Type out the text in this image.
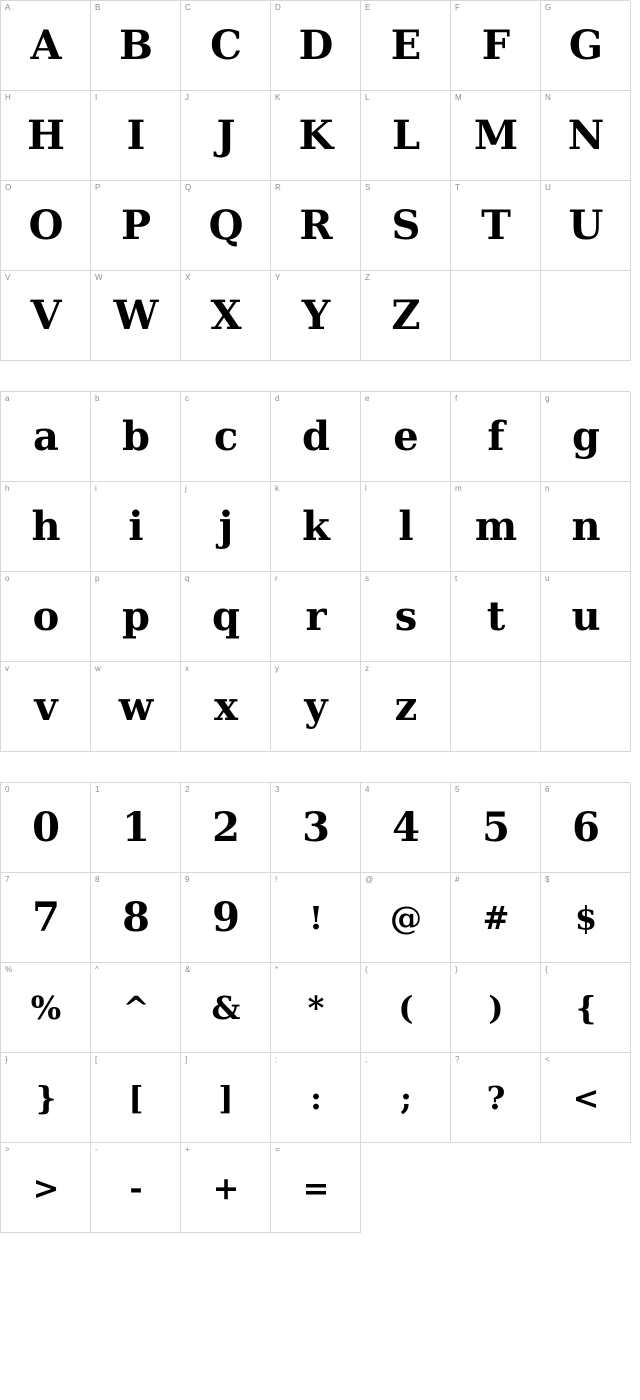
A
A
B
B
C
C
D
D
E
E
F
F
G
G
H
H
I
I
J
J
K
K
L
L
M
M
N
N
O
O
P
P
Q
Q
R
R
S
S
T
T
U
U
V
V
W
W
X
X
Y
Y
Z
Z
a
a
b
b
c
c
d
d
e
e
f
f
g
g
h
h
i
i
j
j
k
k
l
l
m
m
n
n
o
o
p
p
q
q
r
r
s
s
t
t
u
u
v
v
w
w
x
x
y
y
z
z
0
0
1
1
2
2
3
3
4
4
5
5
6
6
7
7
8
8
9
9
!
!
@
@
#
#
$
$
%
%
^
^
&
&
*
*
(
(
)
)
{
{
}
}
[
[
]
]
:
:
;
;
?
?
<
<
>
>
-
-
+
+
=
=
